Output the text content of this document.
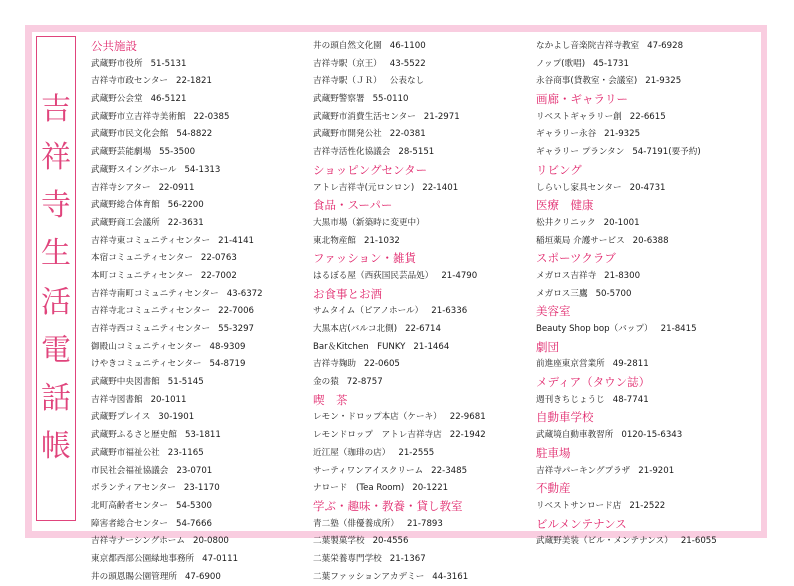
吉
祥
寺
生
活
電
話
帳
公共施設
武蔵野市役所 51-5131
吉祥寺市政センター 22-1821
武蔵野公会堂 46-5121
武蔵野市立吉祥寺美術館 22-0385
武蔵野市民文化会館 54-8822
武蔵野芸能劇場 55-3500
武蔵野スイングホール 54-1313
吉祥寺シアター 22-0911
武蔵野総合体育館 56-2200
武蔵野商工会議所 22-3631
吉祥寺東コミュニティセンター 21-4141
本宿コミュニティセンター 22-0763
本町コミュニティセンター 22-7002
吉祥寺南町コミュニティセンター 43-6372
吉祥寺北コミュニティセンター 22-7006
吉祥寺西コミュニティセンター 55-3297
御殿山コミュニティセンター 48-9309
けやきコミュニティセンター 54-8719
武蔵野中央図書館 51-5145
吉祥寺図書館 20-1011
武蔵野プレイス 30-1901
武蔵野ふるさと歴史館 53-1811
武蔵野市福祉公社 23-1165
市民社会福祉協議会 23-0701
ボランティアセンター 23-1170
北町高齢者センター 54-5300
障害者総合センター 54-7666
吉祥寺ナーシングホーム 20-0800
東京都西部公園緑地事務所 47-0111
井の頭恩賜公園管理所 47-6900
井の頭自然文化園 46-1100
吉祥寺駅（京王） 43-5522
吉祥寺駅（ＪＲ） 公表なし
武蔵野警察署 55-0110
武蔵野市消費生活センター 21-2971
武蔵野市開発公社 22-0381
吉祥寺活性化協議会 28-5151
ショッピングセンター
アトレ吉祥寺(元ロンロン) 22-1401
食品・スーパー
大黒市場（新築時に変更中）
東北物産館 21-1032
ファッション・雑貨
はるぼる屋（西荻国民芸品処） 21-4790
お食事とお酒
サムタイム（ピアノホール） 21-6336
大黒本店(バルコ北側) 22-6714
Bar＆Kitchen　FUNKY 21-1464
吉祥寺麹助 22-0605
金の猿 72-8757
喫　茶
レモン・ドロップ本店（ケーキ） 22-9681
レモンドロップ　アトレ吉祥寺店 22-1942
近江屋（珈琲の店） 21-2555
サーティワンアイスクリーム 22-3485
ナロード　(Tea Room) 20-1221
学ぶ・趣味・教養・貸し教室
青二塾（俳優養成所） 21-7893
二葉製菓学校 20-4556
二葉栄養専門学校 21-1367
二葉ファッションアカデミー 44-3161
なかよし音楽院吉祥寺教室 47-6928
ノップ(歌唱) 45-1731
永谷商事(貸教室・会議室) 21-9325
画廊・ギャラリー
リベストギャラリー創 22-6615
ギャラリー永谷 21-9325
ギャラリー プランタン 54-7191(要予約)
リビング
しらいし家具センター 20-4731
医療　健康
松井クリニック 20-1001
稲垣薬局 介護サービス 20-6388
スポーツクラブ
メガロス吉祥寺 21-8300
メガロス三鷹 50-5700
美容室
Beauty Shop bop（バップ） 21-8415
劇団
前進座東京営業所 49-2811
メディア（タウン誌）
週刊きちじょうじ 48-7741
自動車学校
武蔵境自動車教習所 0120-15-6343
駐車場
吉祥寺パーキングプラザ 21-9201
不動産
リベストサンロード店 21-2522
ビルメンテナンス
武蔵野美装（ビル・メンテナンス） 21-6055
